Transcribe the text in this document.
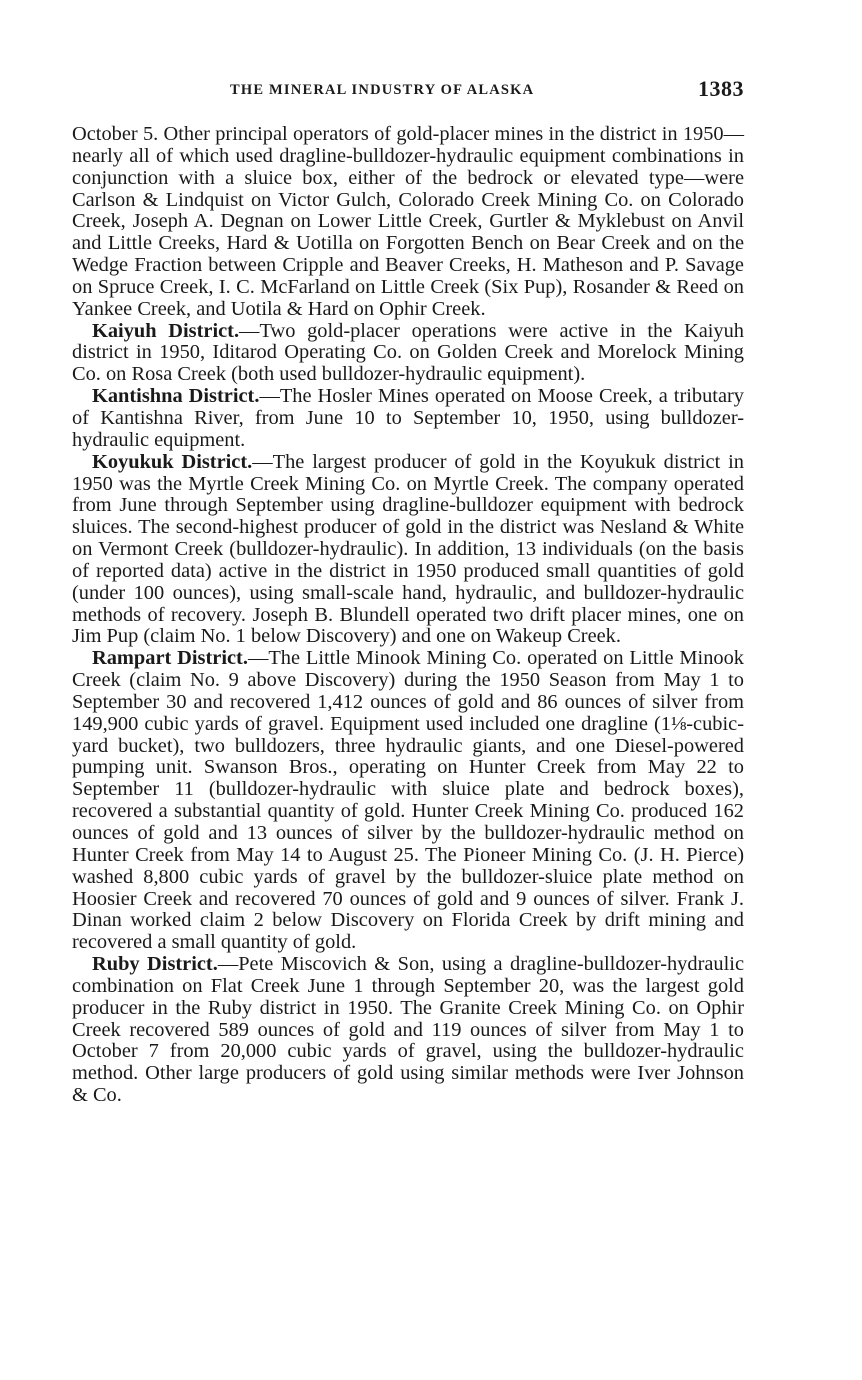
THE MINERAL INDUSTRY OF ALASKA	1383

October 5. Other principal operators of gold-placer mines in the district in 1950—nearly all of which used dragline-bulldozer-hydraulic equipment combinations in conjunction with a sluice box, either of the bedrock or elevated type—were Carlson & Lindquist on Victor Gulch, Colorado Creek Mining Co. on Colorado Creek, Joseph A. Degnan on Lower Little Creek, Gurtler & Myklebust on Anvil and Little Creeks, Hard & Uotilla on Forgotten Bench on Bear Creek and on the Wedge Fraction between Cripple and Beaver Creeks, H. Matheson and P. Savage on Spruce Creek, I. C. McFarland on Little Creek (Six Pup), Rosander & Reed on Yankee Creek, and Uotila & Hard on Ophir Creek.

Kaiyuh District.—Two gold-placer operations were active in the Kaiyuh district in 1950, Iditarod Operating Co. on Golden Creek and Morelock Mining Co. on Rosa Creek (both used bulldozer-hydraulic equipment).

Kantishna District.—The Hosler Mines operated on Moose Creek, a tributary of Kantishna River, from June 10 to September 10, 1950, using bulldozer-hydraulic equipment.

Koyukuk District.—The largest producer of gold in the Koyukuk district in 1950 was the Myrtle Creek Mining Co. on Myrtle Creek. The company operated from June through September using dragline-bulldozer equipment with bedrock sluices. The second-highest producer of gold in the district was Nesland & White on Vermont Creek (bulldozer-hydraulic). In addition, 13 individuals (on the basis of reported data) active in the district in 1950 produced small quantities of gold (under 100 ounces), using small-scale hand, hydraulic, and bulldozer-hydraulic methods of recovery. Joseph B. Blundell operated two drift placer mines, one on Jim Pup (claim No. 1 below Discovery) and one on Wakeup Creek.

Rampart District.—The Little Minook Mining Co. operated on Little Minook Creek (claim No. 9 above Discovery) during the 1950 Season from May 1 to September 30 and recovered 1,412 ounces of gold and 86 ounces of silver from 149,900 cubic yards of gravel. Equipment used included one dragline (1⅛-cubic-yard bucket), two bulldozers, three hydraulic giants, and one Diesel-powered pumping unit. Swanson Bros., operating on Hunter Creek from May 22 to September 11 (bulldozer-hydraulic with sluice plate and bedrock boxes), recovered a substantial quantity of gold. Hunter Creek Mining Co. produced 162 ounces of gold and 13 ounces of silver by the bulldozer-hydraulic method on Hunter Creek from May 14 to August 25. The Pioneer Mining Co. (J. H. Pierce) washed 8,800 cubic yards of gravel by the bulldozer-sluice plate method on Hoosier Creek and recovered 70 ounces of gold and 9 ounces of silver. Frank J. Dinan worked claim 2 below Discovery on Florida Creek by drift mining and recovered a small quantity of gold.

Ruby District.—Pete Miscovich & Son, using a dragline-bulldozer-hydraulic combination on Flat Creek June 1 through September 20, was the largest gold producer in the Ruby district in 1950. The Granite Creek Mining Co. on Ophir Creek recovered 589 ounces of gold and 119 ounces of silver from May 1 to October 7 from 20,000 cubic yards of gravel, using the bulldozer-hydraulic method. Other large producers of gold using similar methods were Iver Johnson & Co.
